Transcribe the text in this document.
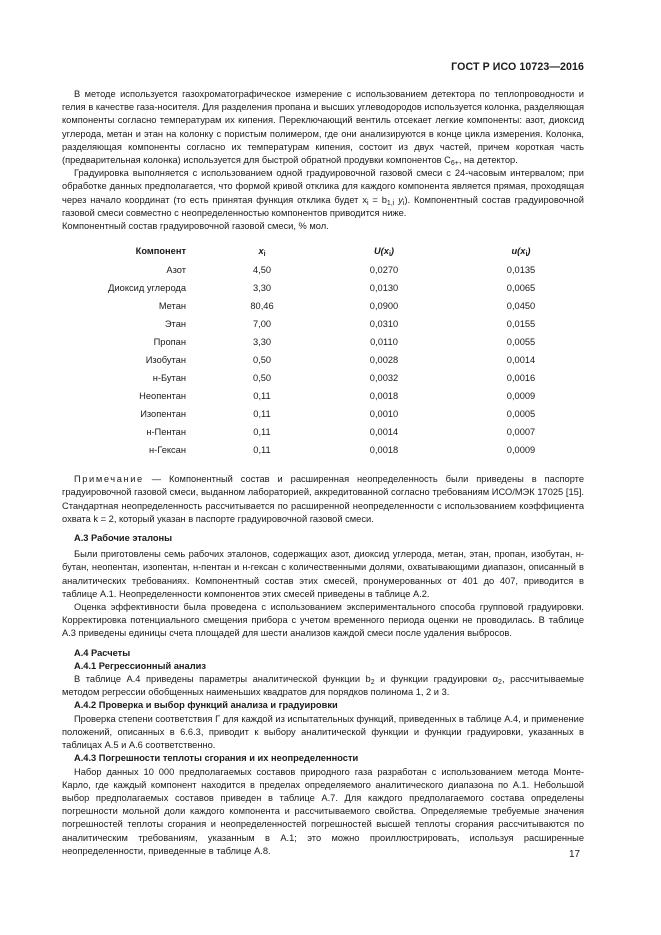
ГОСТ Р ИСО 10723—2016

В методе используется газохроматографическое измерение с использованием детектора по теплопроводности и гелия в качестве газа-носителя. Для разделения пропана и высших углеводородов используется колонка, разделяющая компоненты согласно температурам их кипения. Переключающий вентиль отсекает легкие компоненты: азот, диоксид углерода, метан и этан на колонку с пористым полимером, где они анализируются в конце цикла измерения. Колонка, разделяющая компоненты согласно их температурам кипения, состоит из двух частей, причем короткая часть (предварительная колонка) используется для быстрой обратной продувки компонентов $C_{6+}$, на детектор.

Градуировка выполняется с использованием одной градуировочной газовой смеси с 24-часовым интервалом; при обработке данных предполагается, что формой кривой отклика для каждого компонента является прямая, проходящая через начало координат (то есть принятая функция отклика будет $x_i = b_{1,i}$ $y_i$). Компонентный состав градуировочной газовой смеси совместно с неопределенностью компонентов приводится ниже.

Компонентный состав градуировочной газовой смеси, % мол.

Компонент	$x_i$	$U(x_i)$	$u(x_i)$
Азот	4,50	0,0270	0,0135
Диоксид углерода	3,30	0,0130	0,0065
Метан	80,46	0,0900	0,0450
Этан	7,00	0,0310	0,0155
Пропан	3,30	0,0110	0,0055
Изобутан	0,50	0,0028	0,0014
н-Бутан	0,50	0,0032	0,0016
Неопентан	0,11	0,0018	0,0009
Изопентан	0,11	0,0010	0,0005
н-Пентан	0,11	0,0014	0,0007
н-Гексан	0,11	0,0018	0,0009

Примечание — Компонентный состав и расширенная неопределенность были приведены в паспорте градуировочной газовой смеси, выданном лабораторией, аккредитованной согласно требованиям ИСО/МЭК 17025 [15]. Стандартная неопределенность рассчитывается по расширенной неопределенности с использованием коэффициента охвата k = 2, который указан в паспорте градуировочной газовой смеси.

А.3 Рабочие эталоны

Были приготовлены семь рабочих эталонов, содержащих азот, диоксид углерода, метан, этан, пропан, изобутан, н-бутан, неопентан, изопентан, н-пентан и н-гексан с количественными долями, охватывающими диапазон, описанный в аналитических требованиях. Компонентный состав этих смесей, пронумерованных от 401 до 407, приводится в таблице А.1. Неопределенности компонентов этих смесей приведены в таблице А.2.

Оценка эффективности была проведена с использованием экспериментального способа групповой градуировки. Корректировка потенциального смещения прибора с учетом временного периода оценки не проводилась. В таблице А.3 приведены единицы счета площадей для шести анализов каждой смеси после удаления выбросов.

А.4 Расчеты

А.4.1 Регрессионный анализ

В таблице А.4 приведены параметры аналитической функции $b_2$ и функции градуировки $\alpha_2$, рассчитываемые методом регрессии обобщенных наименьших квадратов для порядков полинома 1, 2 и 3.

А.4.2 Проверка и выбор функций анализа и градуировки

Проверка степени соответствия Γ для каждой из испытательных функций, приведенных в таблице А.4, и применение положений, описанных в 6.6.3, приводит к выбору аналитической функции и функции градуировки, указанных в таблицах А.5 и А.6 соответственно.

А.4.3 Погрешности теплоты сгорания и их неопределенности

Набор данных 10 000 предполагаемых составов природного газа разработан с использованием метода Монте-Карло, где каждый компонент находится в пределах определяемого аналитического диапазона по А.1. Небольшой выбор предполагаемых составов приведен в таблице А.7. Для каждого предполагаемого состава определены погрешности мольной доли каждого компонента и рассчитываемого свойства. Определяемые требуемые значения погрешностей теплоты сгорания и неопределенностей погрешностей высшей теплоты сгорания рассчитываются по аналитическим требованиям, указанным в А.1; это можно проиллюстрировать, используя расширенные неопределенности, приведенные в таблице А.8.	17
